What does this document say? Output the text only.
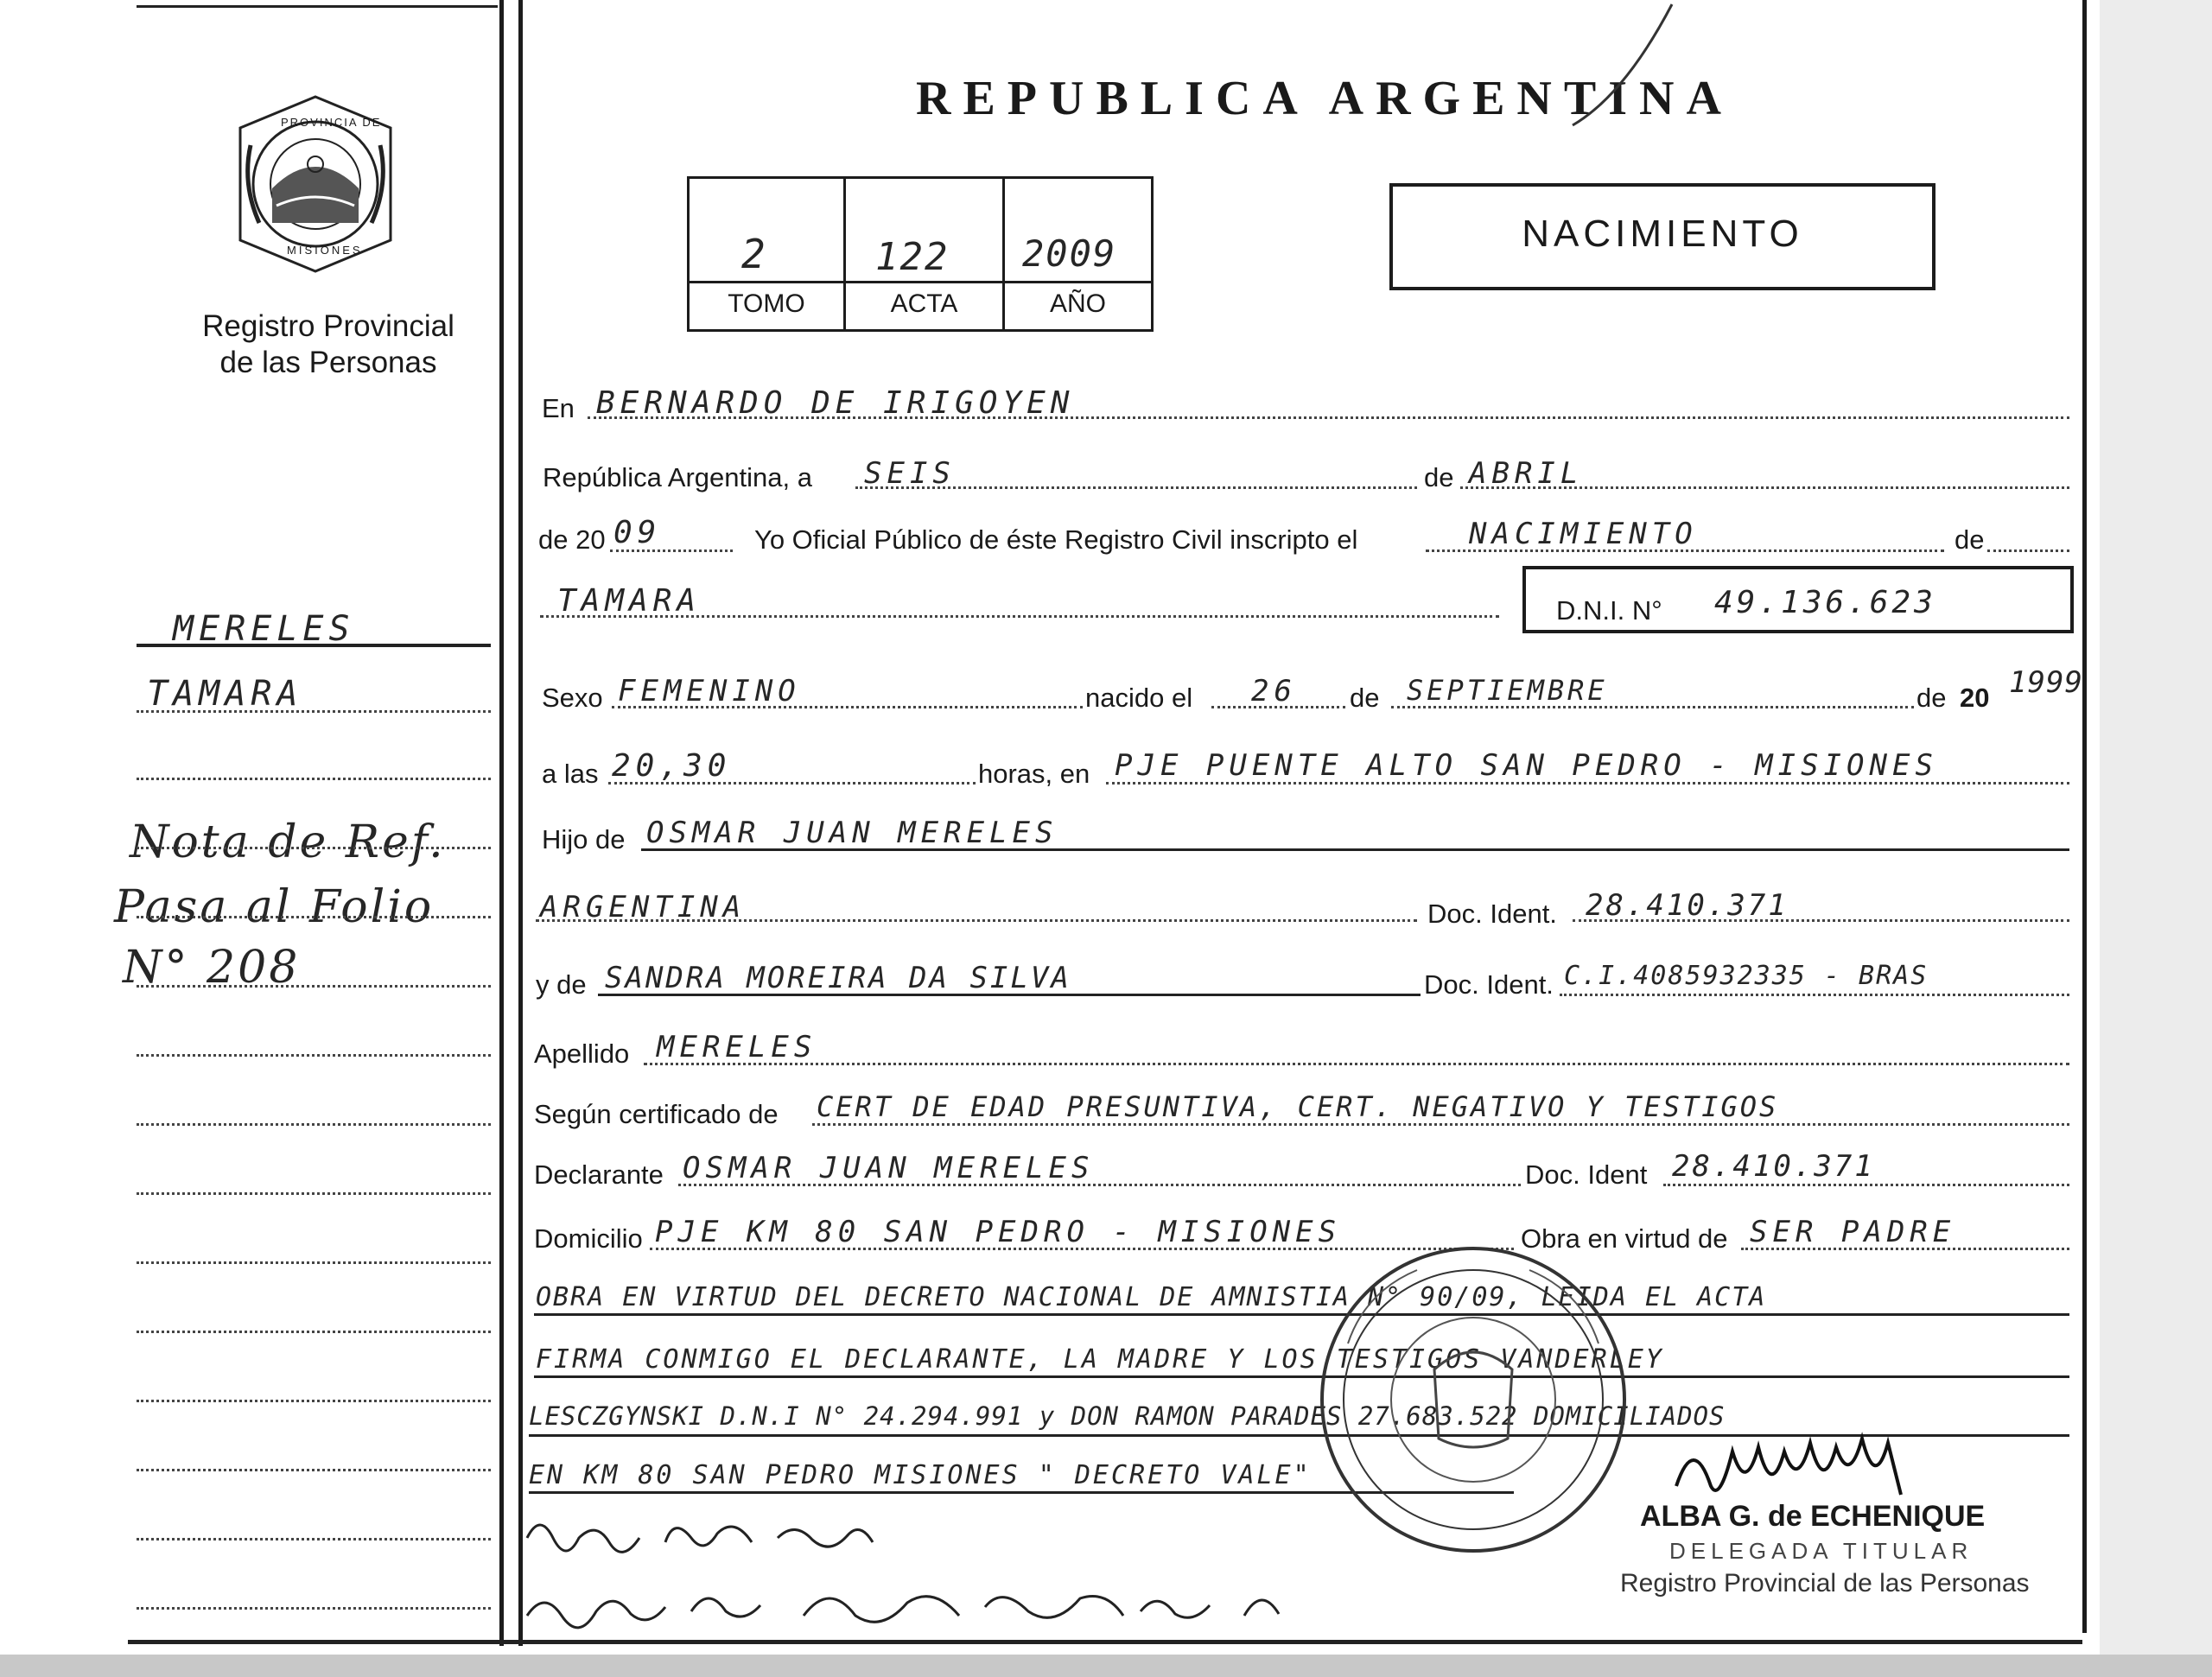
PROVINCIA DE
MISIONES
Registro Provincial
de las Personas
MERELES
TAMARA
Nota de Ref.
Pasa al Folio
N° 208
REPUBLICA ARGENTINA
2	122 2009
TOMO	ACTA	AÑO
NACIMIENTO
En BERNARDO DE IRIGOYEN
República Argentina, a SEIS	de ABRIL
de 20 09	Yo Oficial Público de éste Registro Civil inscripto el	NACIMIENTO	de
TAMARA	D.N.I. N° 49.136.623
Sexo FEMENINO	nacido el 26 de SEPTIEMBRE	de 20 1999
a las 20,30	horas, en PJE PUENTE ALTO SAN PEDRO - MISIONES
Hijo de OSMAR JUAN MERELES
ARGENTINA	Doc. Ident. 28.410.371
y de SANDRA MOREIRA DA SILVA	Doc. Ident. C.I.4085932335 - BRAS
Apellido MERELES
Según certificado de CERT DE EDAD PRESUNTIVA, CERT. NEGATIVO Y TESTIGOS
Declarante OSMAR JUAN MERELES	Doc. Ident 28.410.371
Domicilio PJE KM 80 SAN PEDRO - MISIONES	Obra en virtud de SER PADRE
OBRA EN VIRTUD DEL DECRETO NACIONAL DE AMNISTIA N° 90/09, LEIDA EL ACTA
FIRMA CONMIGO EL DECLARANTE, LA MADRE Y LOS TESTIGOS VANDERLEY
LESCZGYNSKI D.N.I N° 24.294.991 y DON RAMON PARADES 27.683.522 DOMICILIADOS
EN KM 80 SAN PEDRO MISIONES " DECRETO VALE"
ALBA G. de ECHENIQUE
DELEGADA TITULAR
Registro Provincial de las Personas
